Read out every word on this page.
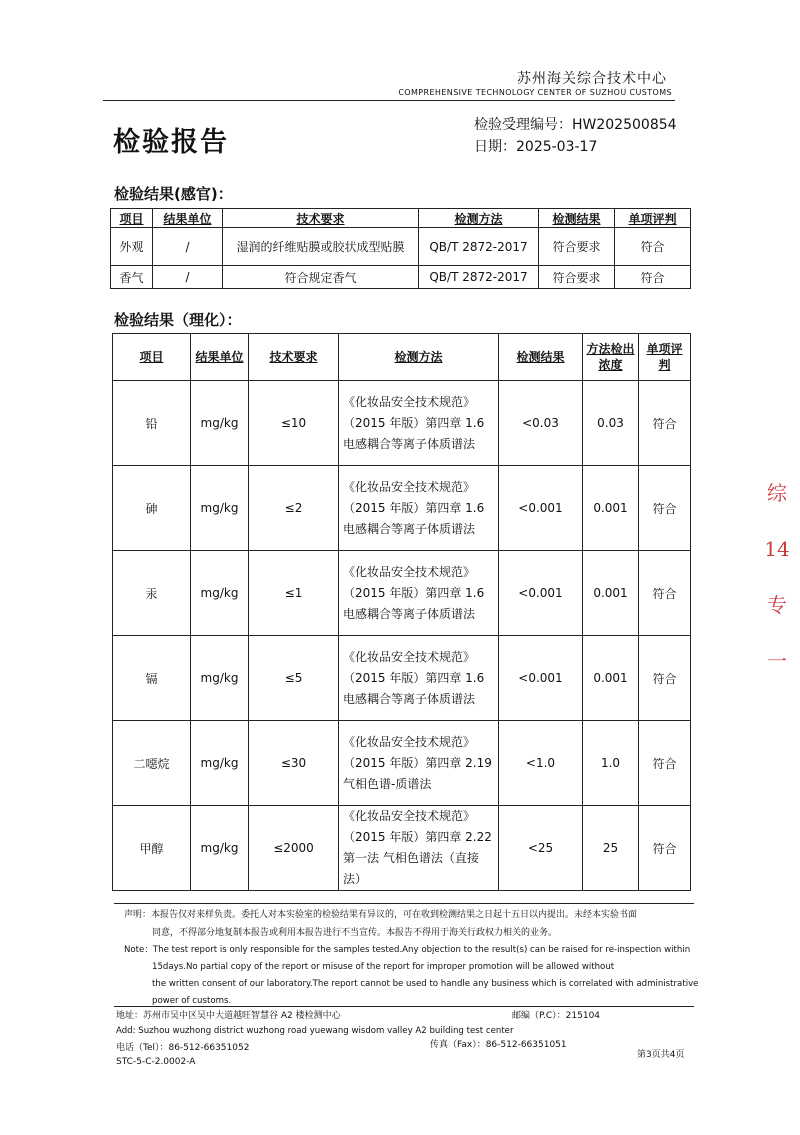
苏州海关综合技术中心
COMPREHENSIVE TECHNOLOGY CENTER OF SUZHOU CUSTOMS
检验报告
检验受理编号：HW202500854
日期：2025-03-17
检验结果(感官)：
项目	结果单位	技术要求	检测方法	检测结果	单项评判
外观	/	湿润的纤维贴膜或胶状成型贴膜	QB/T 2872-2017	符合要求	符合
香气	/	符合规定香气	QB/T 2872-2017	符合要求	符合
检验结果（理化）：
项目	结果单位	技术要求	检测方法	检测结果	方法检出浓度	单项评判
铅	mg/kg	≤10	《化妆品安全技术规范》（2015 年版）第四章 1.6 电感耦合等离子体质谱法	<0.03	0.03	符合
砷	mg/kg	≤2	《化妆品安全技术规范》（2015 年版）第四章 1.6 电感耦合等离子体质谱法	<0.001	0.001	符合
汞	mg/kg	≤1	《化妆品安全技术规范》（2015 年版）第四章 1.6 电感耦合等离子体质谱法	<0.001	0.001	符合
镉	mg/kg	≤5	《化妆品安全技术规范》（2015 年版）第四章 1.6 电感耦合等离子体质谱法	<0.001	0.001	符合
二噁烷	mg/kg	≤30	《化妆品安全技术规范》（2015 年版）第四章 2.19 气相色谱-质谱法	<1.0	1.0	符合
甲醇	mg/kg	≤2000	《化妆品安全技术规范》（2015 年版）第四章 2.22 第一法 气相色谱法（直接法）	<25	25	符合
综 14 专 一
声明：本报告仅对来样负责。委托人对本实验室的检验结果有异议的，可在收到检测结果之日起十五日以内提出。未经本实验书面
同意，不得部分地复制本报告或利用本报告进行不当宣传。本报告不得用于海关行政权力相关的业务。
Note：The test report is only responsible for the samples tested.Any objection to the result(s) can be raised for re-inspection within
15days.No partial copy of the report or misuse of the report for improper promotion will be allowed without
the written consent of our laboratory.The report cannot be used to handle any business which is correlated with administrative
power of customs.
地址：苏州市吴中区吴中大道越旺智慧谷 A2 楼检测中心	邮编（P.C）：215104
Add: Suzhou wuzhong district wuzhong road yuewang wisdom valley A2 building test center
电话（Tel）：86-512-66351052	传真（Fax）：86-512-66351051
STC-5-C-2.0002-A
第3页共4页
